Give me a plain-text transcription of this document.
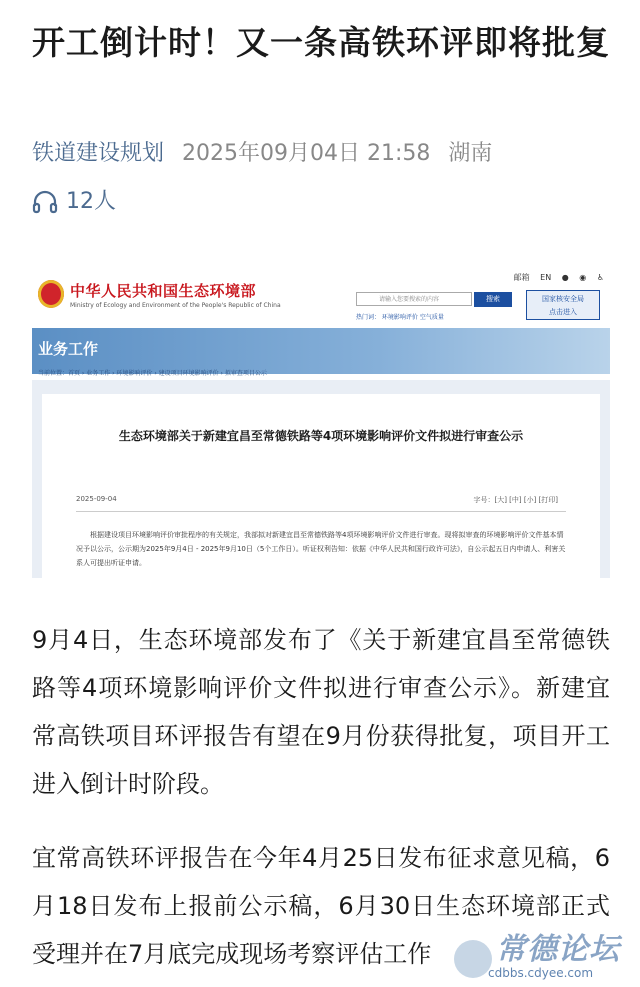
开工倒计时！又一条高铁环评即将批复
铁道建设规划 2025年09月04日 21:58 湖南
12人
中华人民共和国生态环境部
Ministry of Ecology and Environment of the People's Republic of China
邮箱 EN ● ◉ ♿
请输入您要搜索的内容	搜索
热门词： 环境影响评价 空气质量
国家核安全局
点击进入
业务工作
当前位置：首页 › 业务工作 › 环境影响评价 › 建设项目环境影响评价 › 拟审查项目公示
生态环境部关于新建宜昌至常德铁路等4项环境影响评价文件拟进行审查公示
2025-09-04	字号：[大] [中] [小] [打印]
根据建设项目环境影响评价审批程序的有关规定，我部拟对新建宜昌至常德铁路等4项环境影响评价文件进行审查。现将拟审查的环境影响评价文件基本情况予以公示，公示期为2025年9月4日 - 2025年9月10日（5个工作日）。听证权利告知：依据《中华人民共和国行政许可法》，自公示起五日内申请人、利害关系人可提出听证申请。
9月4日，生态环境部发布了《关于新建宜昌至常德铁路等4项环境影响评价文件拟进行审查公示》。新建宜常高铁项目环评报告有望在9月份获得批复，项目开工进入倒计时阶段。
宜常高铁环评报告在今年4月25日发布征求意见稿，6月18日发布上报前公示稿，6月30日生态环境部正式受理并在7月底完成现场考察评估工作	常德论坛
cdbbs.cdyee.com
